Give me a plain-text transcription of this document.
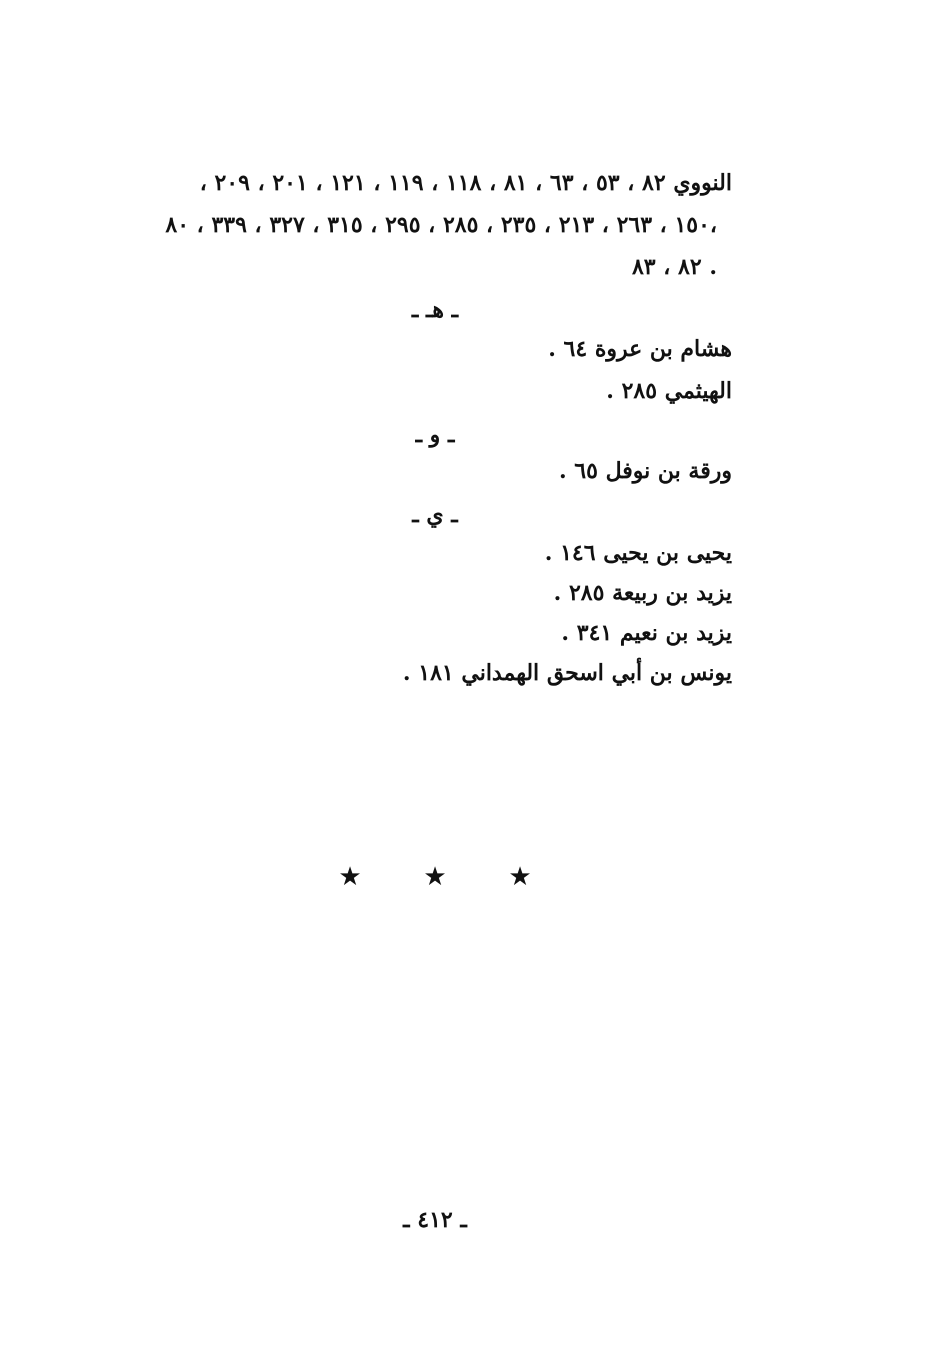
النووي ٨٢ ، ٥٣ ، ٦٣ ، ٨١ ، ١١٨ ، ١١٩ ، ١٢١ ، ٢٠١ ، ٢٠٩ ،
١٥٠ ، ٢٦٣ ، ٢١٣ ، ٢٣٥ ، ٢٨٥ ، ٢٩٥ ، ٣١٥ ، ٣٢٧ ، ٣٣٩ ، ٨٠،
٨٢ ، ٨٣ .
ـ هـ ـ
هشام بن عروة ٦٤ .
الهيثمي ٢٨٥ .
ـ و ـ
ورقة بن نوفل ٦٥ .
ـ ي ـ
يحيى بن يحيى ١٤٦ .
يزيد بن ربيعة ٢٨٥ .
يزيد بن نعيم ٣٤١ .
يونس بن أبي اسحق الهمداني ١٨١ .
★	★	★
ـ ٤١٢ ـ
